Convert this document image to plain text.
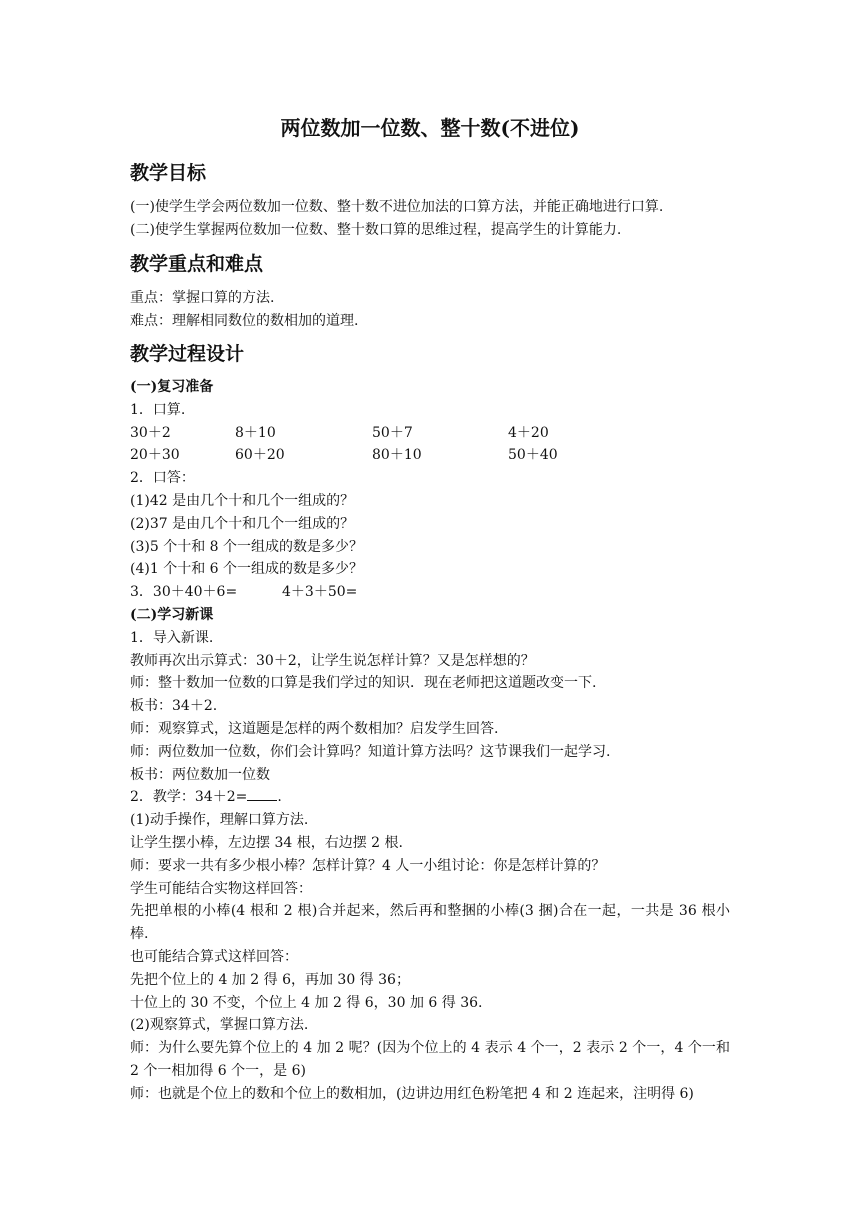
两位数加一位数、整十数(不进位)
教学目标
(一)使学生学会两位数加一位数、整十数不进位加法的口算方法，并能正确地进行口算.
(二)使学生掌握两位数加一位数、整十数口算的思维过程，提高学生的计算能力.
教学重点和难点
重点：掌握口算的方法.
难点：理解相同数位的数相加的道理.
教学过程设计
(一)复习准备
1．口算.
30＋2	8＋10	50＋7	4＋20
20＋30	60＋20	80＋10	50＋40
2．口答：
(1)42 是由几个十和几个一组成的？
(2)37 是由几个十和几个一组成的？
(3)5 个十和 8 个一组成的数是多少？
(4)1 个十和 6 个一组成的数是多少？
3．30＋40＋6=	4＋3＋50=
(二)学习新课
1．导入新课.
教师再次出示算式：30＋2，让学生说怎样计算？又是怎样想的？
师：整十数加一位数的口算是我们学过的知识．现在老师把这道题改变一下.
板书：34＋2.
师：观察算式，这道题是怎样的两个数相加？启发学生回答.
师：两位数加一位数，你们会计算吗？知道计算方法吗？这节课我们一起学习.
板书：两位数加一位数
2．教学：34＋2= .
(1)动手操作，理解口算方法.
让学生摆小棒，左边摆 34 根，右边摆 2 根.
师：要求一共有多少根小棒？怎样计算？4 人一小组讨论：你是怎样计算的？
学生可能结合实物这样回答：
先把单根的小棒(4 根和 2 根)合并起来，然后再和整捆的小棒(3 捆)合在一起，一共是 36 根小棒.
也可能结合算式这样回答：
先把个位上的 4 加 2 得 6，再加 30 得 36；
十位上的 30 不变，个位上 4 加 2 得 6，30 加 6 得 36.
(2)观察算式，掌握口算方法.
师：为什么要先算个位上的 4 加 2 呢？(因为个位上的 4 表示 4 个一，2 表示 2 个一，4 个一和 2 个一相加得 6 个一，是 6)
师：也就是个位上的数和个位上的数相加，(边讲边用红色粉笔把 4 和 2 连起来，注明得 6)
